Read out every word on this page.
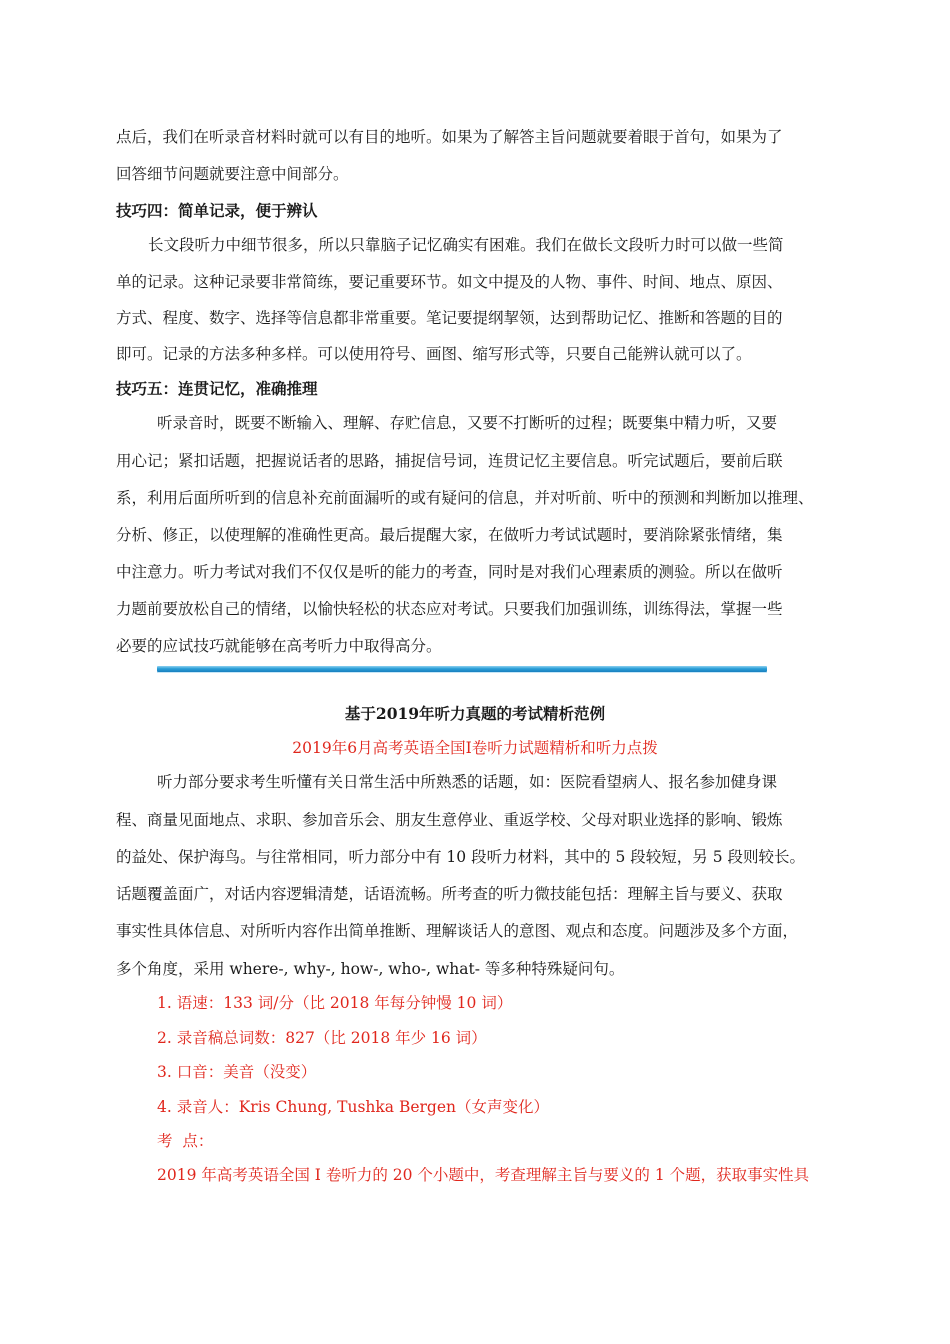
点后，我们在听录音材料时就可以有目的地听。如果为了解答主旨问题就要着眼于首句，如果为了
回答细节问题就要注意中间部分。
技巧四：简单记录，便于辨认
长文段听力中细节很多，所以只靠脑子记忆确实有困难。我们在做长文段听力时可以做一些简
单的记录。这种记录要非常简练，要记重要环节。如文中提及的人物、事件、时间、地点、原因、
方式、程度、数字、选择等信息都非常重要。笔记要提纲挈领，达到帮助记忆、推断和答题的目的
即可。记录的方法多种多样。可以使用符号、画图、缩写形式等，只要自己能辨认就可以了。
技巧五：连贯记忆，准确推理
听录音时，既要不断输入、理解、存贮信息，又要不打断听的过程；既要集中精力听，又要
用心记；紧扣话题，把握说话者的思路，捕捉信号词，连贯记忆主要信息。听完试题后，要前后联
系，利用后面所听到的信息补充前面漏听的或有疑问的信息，并对听前、听中的预测和判断加以推理、
分析、修正，以使理解的准确性更高。最后提醒大家，在做听力考试试题时，要消除紧张情绪，集
中注意力。听力考试对我们不仅仅是听的能力的考查，同时是对我们心理素质的测验。所以在做听
力题前要放松自己的情绪，以愉快轻松的状态应对考试。只要我们加强训练，训练得法，掌握一些
必要的应试技巧就能够在高考听力中取得高分。
基于2019年听力真题的考试精析范例
2019年6月高考英语全国I卷听力试题精析和听力点拨
听力部分要求考生听懂有关日常生活中所熟悉的话题，如：医院看望病人、报名参加健身课
程、商量见面地点、求职、参加音乐会、朋友生意停业、重返学校、父母对职业选择的影响、锻炼
的益处、保护海鸟。与往常相同，听力部分中有 10 段听力材料，其中的 5 段较短，另 5 段则较长。
话题覆盖面广，对话内容逻辑清楚，话语流畅。所考查的听力微技能包括：理解主旨与要义、获取
事实性具体信息、对所听内容作出简单推断、理解谈话人的意图、观点和态度。问题涉及多个方面，
多个角度，采用 where-, why-, how-, who-, what- 等多种特殊疑问句。
1. 语速：133 词/分（比 2018 年每分钟慢 10 词）
2. 录音稿总词数：827（比 2018 年少 16 词）
3. 口音：美音（没变）
4. 录音人：Kris Chung, Tushka Bergen（女声变化）
考  点：
2019 年高考英语全国 I 卷听力的 20 个小题中，考查理解主旨与要义的 1 个题，获取事实性具
